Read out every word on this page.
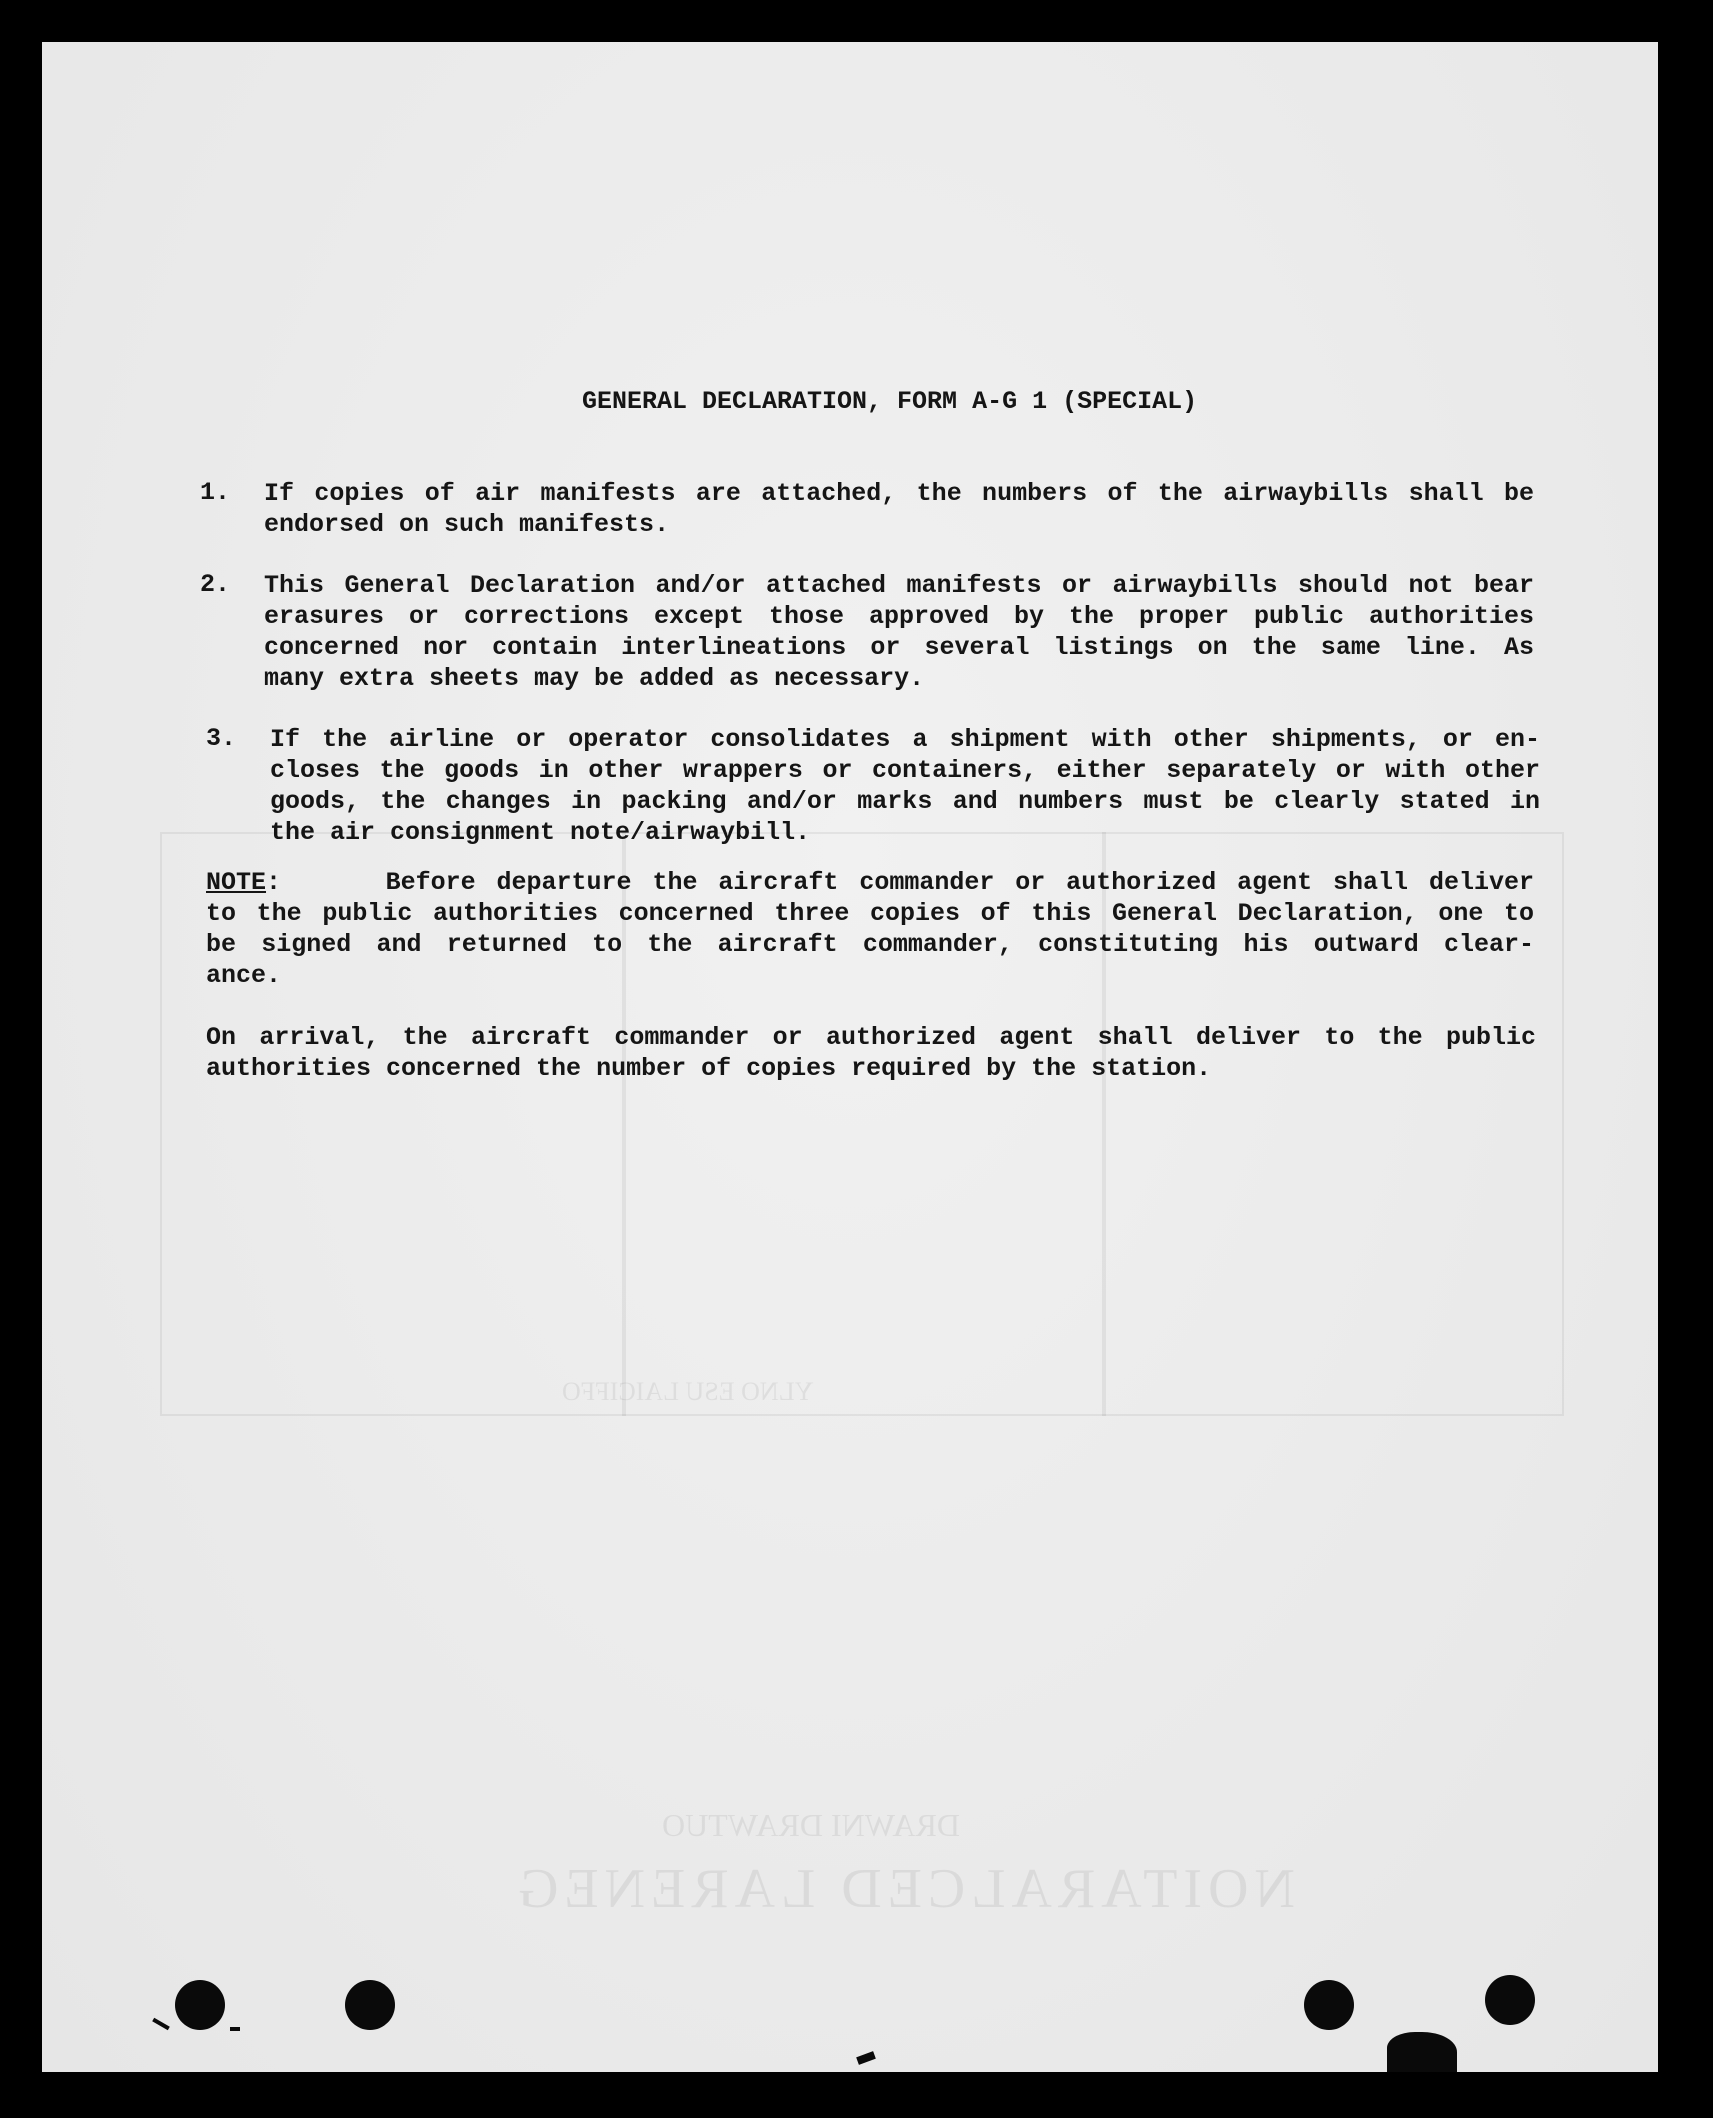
NOITARALCED LARENEG
DRAWNI DRAWTUO
YLNO ESU LAICIFFO
GENERAL DECLARATION, FORM A-G 1 (SPECIAL)
1. If copies of air manifests are attached, the numbers of the airwaybills shall be
endorsed on such manifests.
2. This General Declaration and/or attached manifests or airwaybills should not bear
erasures or corrections except those approved by the proper public authorities
concerned nor contain interlineations or several listings on the same line. As
many extra sheets may be added as necessary.
3. If the airline or operator consolidates a shipment with other shipments, or en-
closes the goods in other wrappers or containers, either separately or with other
goods, the changes in packing and/or marks and numbers must be clearly stated in
the air consignment note/airwaybill.
NOTE:	Before departure the aircraft commander or authorized agent shall deliver
to the public authorities concerned three copies of this General Declaration, one to
be signed and returned to the aircraft commander, constituting his outward clear-
ance.
On arrival, the aircraft commander or authorized agent shall deliver to the public
authorities concerned the number of copies required by the station.
